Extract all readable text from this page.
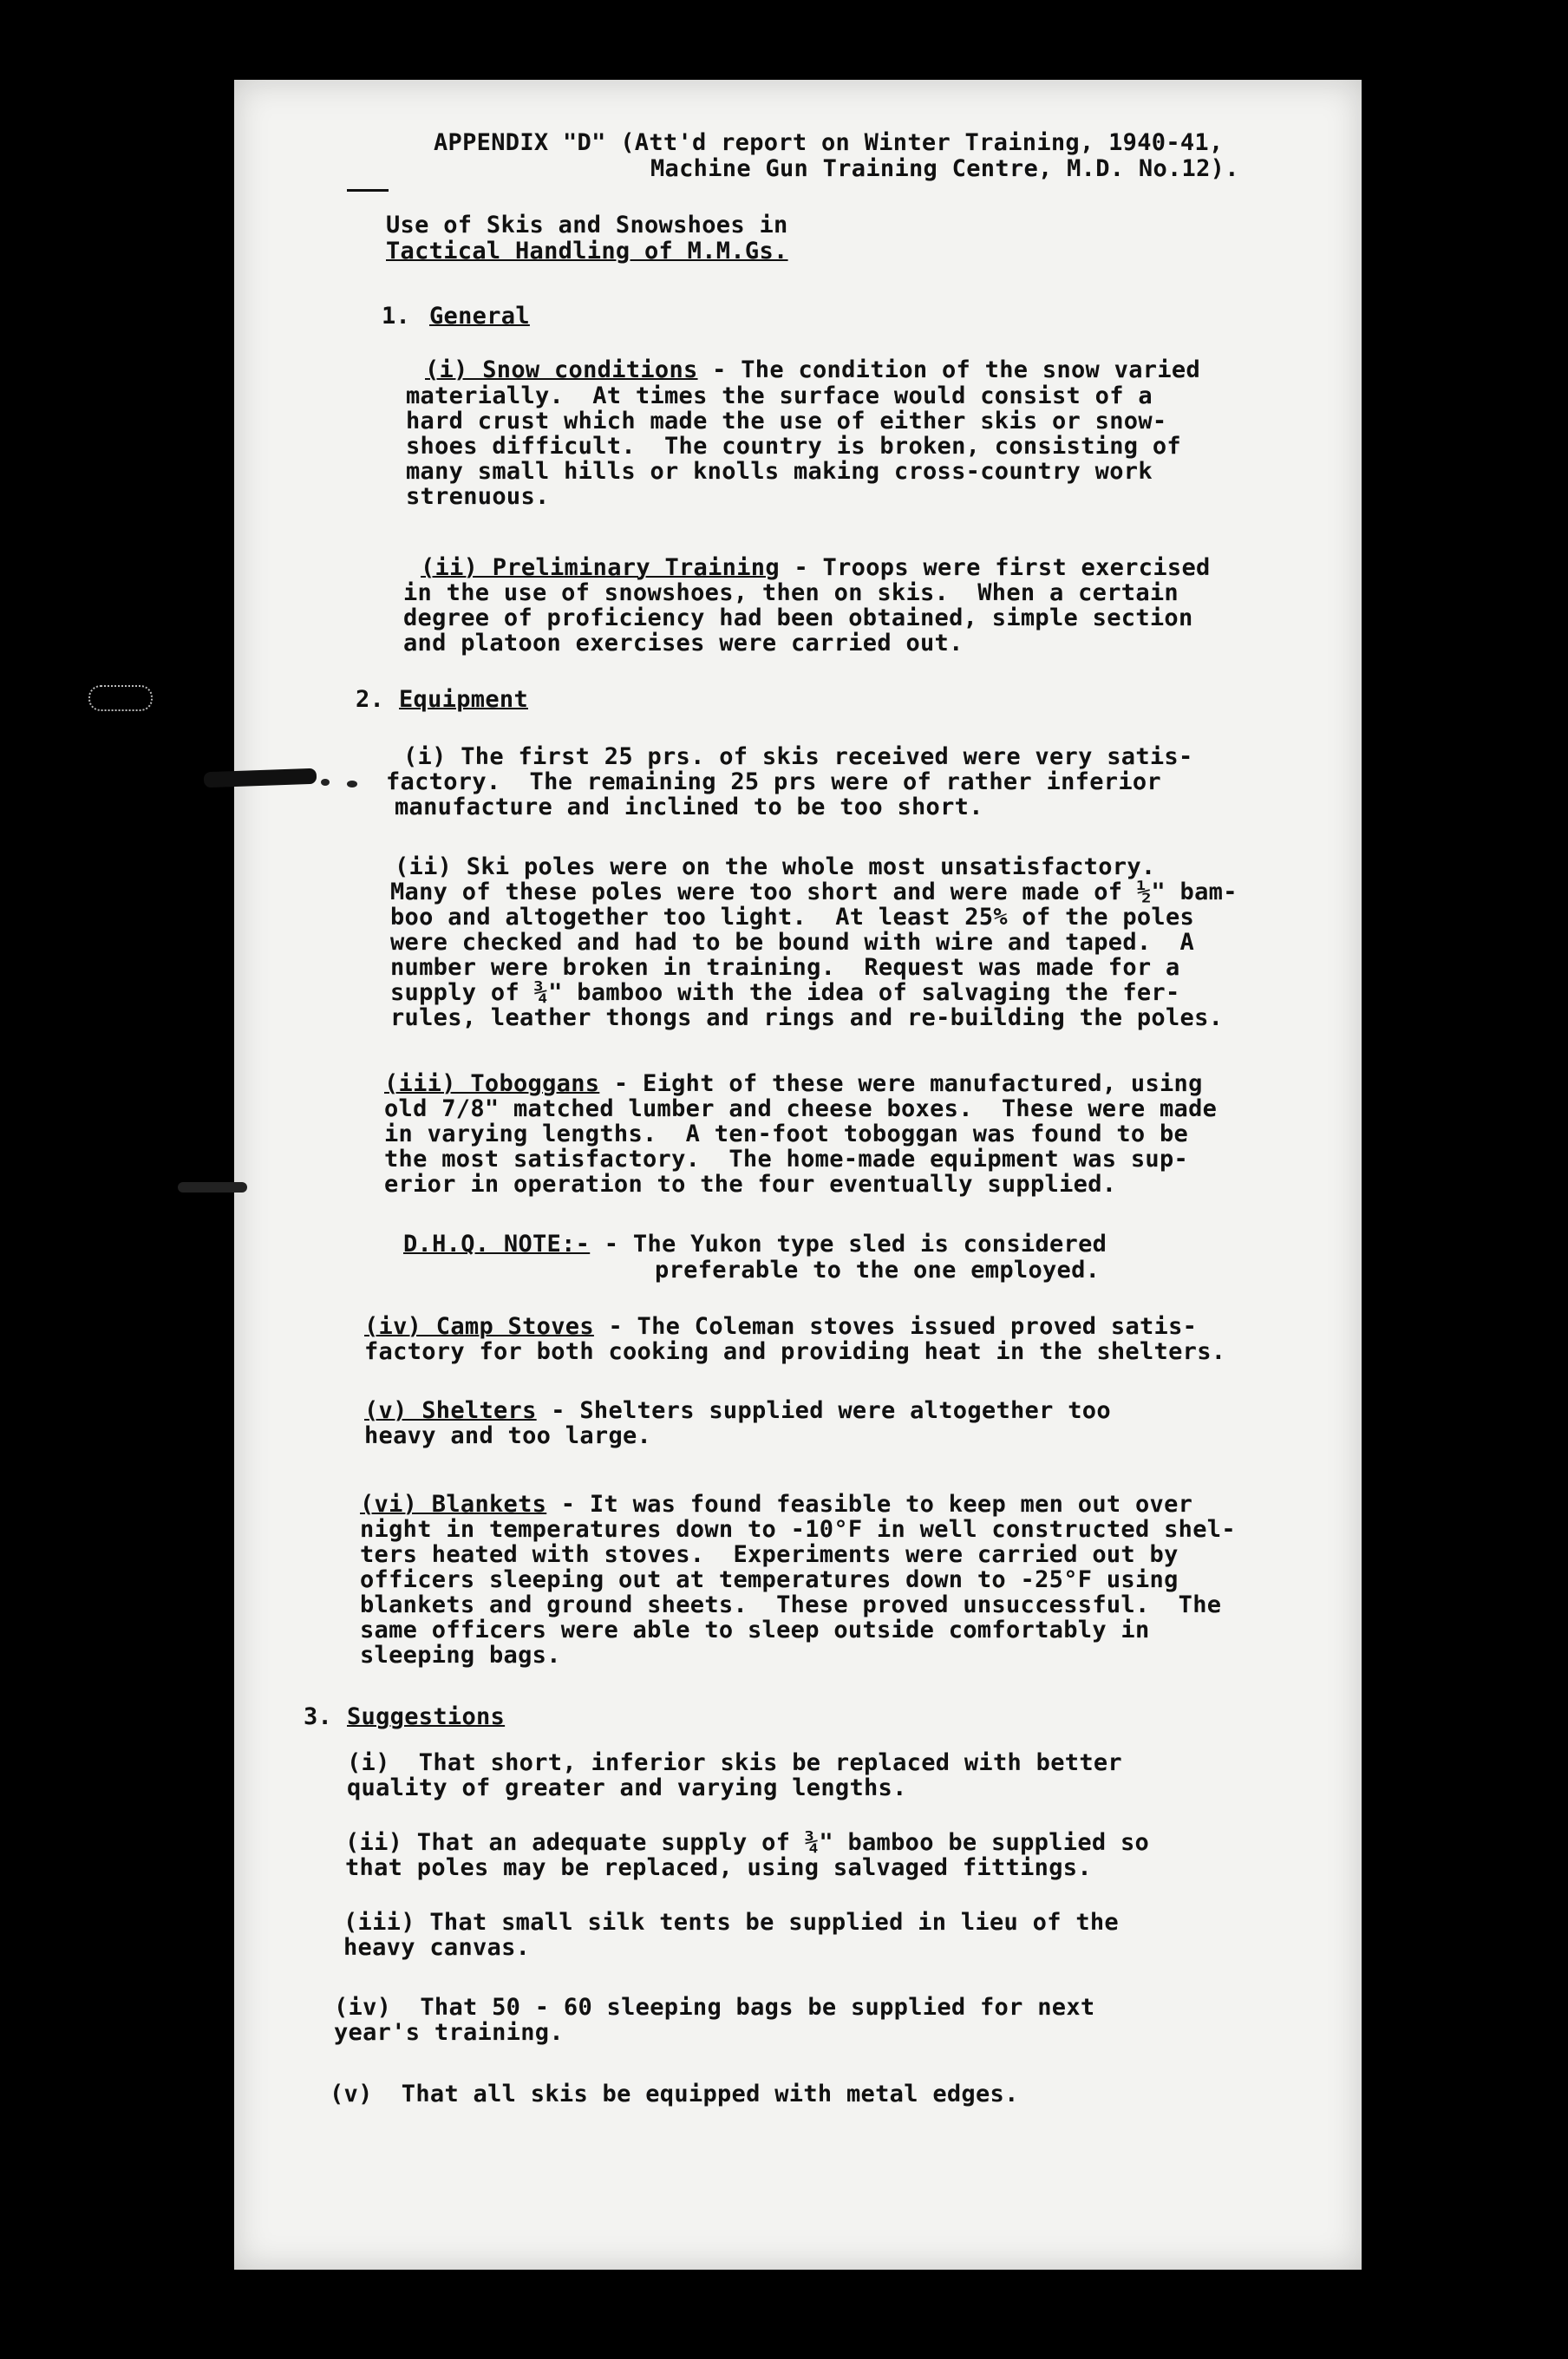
APPENDIX "D" (Att'd report on Winter Training, 1940-41,
Machine Gun Training Centre, M.D. No.12).
Use of Skis and Snowshoes in
Tactical Handling of M.M.Gs.
1. General
(i) Snow conditions - The condition of the snow varied
materially.  At times the surface would consist of a
hard crust which made the use of either skis or snow-
shoes difficult.  The country is broken, consisting of
many small hills or knolls making cross-country work
strenuous.
(ii) Preliminary Training - Troops were first exercised
in the use of snowshoes, then on skis.  When a certain
degree of proficiency had been obtained, simple section
and platoon exercises were carried out.
2. Equipment
(i) The first 25 prs. of skis received were very satis-
factory.  The remaining 25 prs were of rather inferior
manufacture and inclined to be too short.
(ii) Ski poles were on the whole most unsatisfactory.
Many of these poles were too short and were made of ½" bam-
boo and altogether too light.  At least 25% of the poles
were checked and had to be bound with wire and taped.  A
number were broken in training.  Request was made for a
supply of ¾" bamboo with the idea of salvaging the fer-
rules, leather thongs and rings and re-building the poles.
(iii) Toboggans - Eight of these were manufactured, using
old 7/8" matched lumber and cheese boxes.  These were made
in varying lengths.  A ten-foot toboggan was found to be
the most satisfactory.  The home-made equipment was sup-
erior in operation to the four eventually supplied.
D.H.Q. NOTE:- - The Yukon type sled is considered
preferable to the one employed.
(iv) Camp Stoves - The Coleman stoves issued proved satis-
factory for both cooking and providing heat in the shelters.
(v) Shelters - Shelters supplied were altogether too
heavy and too large.
(vi) Blankets - It was found feasible to keep men out over
night in temperatures down to -10°F in well constructed shel-
ters heated with stoves.  Experiments were carried out by
officers sleeping out at temperatures down to -25°F using
blankets and ground sheets.  These proved unsuccessful.  The
same officers were able to sleep outside comfortably in
sleeping bags.
3. Suggestions
(i)  That short, inferior skis be replaced with better
quality of greater and varying lengths.
(ii) That an adequate supply of ¾" bamboo be supplied so
that poles may be replaced, using salvaged fittings.
(iii) That small silk tents be supplied in lieu of the
heavy canvas.
(iv)  That 50 - 60 sleeping bags be supplied for next
year's training.
(v)  That all skis be equipped with metal edges.
